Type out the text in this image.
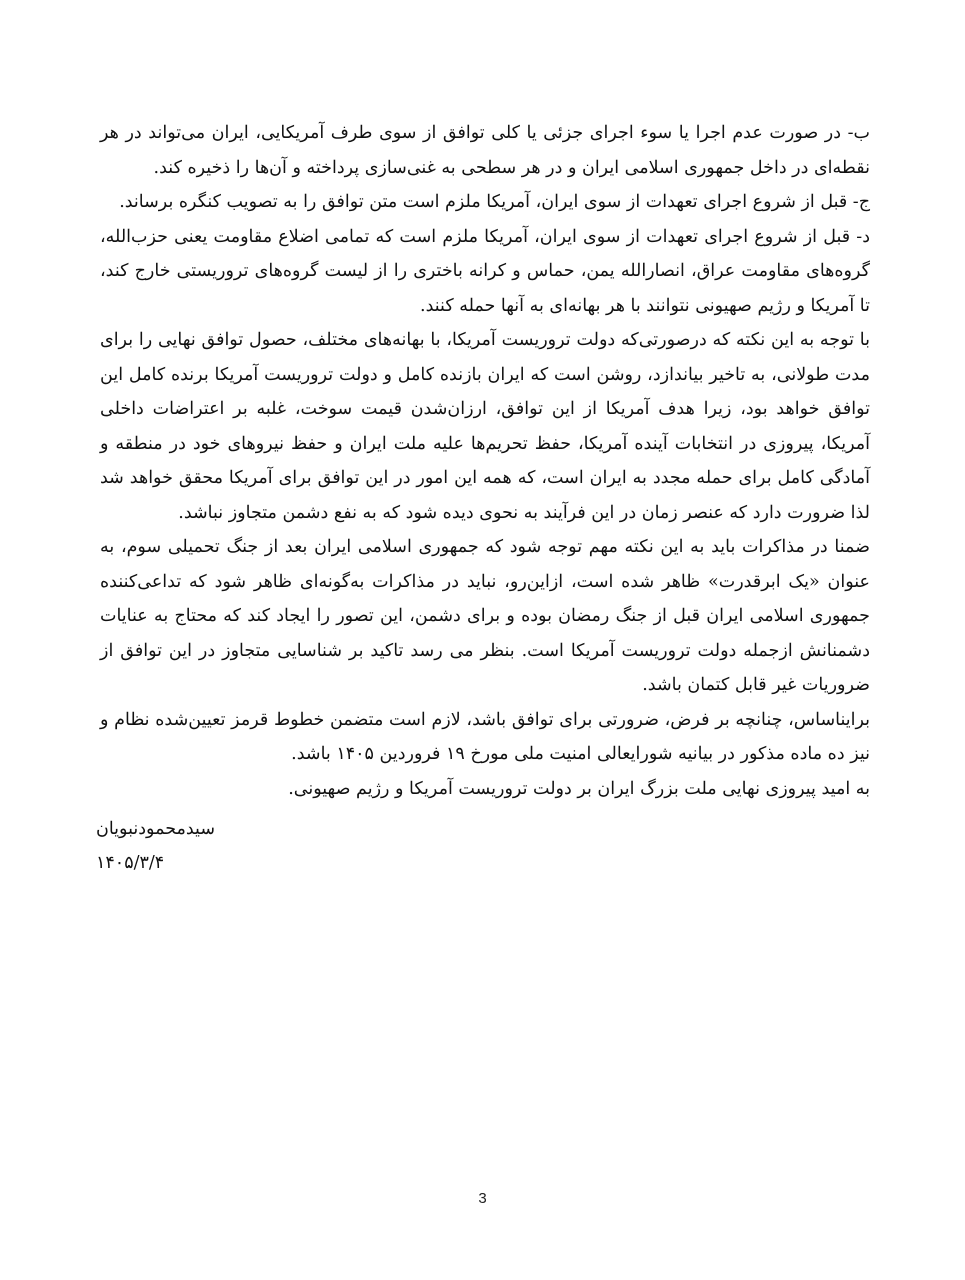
ب- در صورت عدم اجرا یا سوء اجرای جزئی یا کلی توافق از سوی طرف آمریکایی، ایران می‌تواند در هر نقطه‌ای در داخل جمهوری اسلامی ایران و در هر سطحی به غنی‌سازی پرداخته و آن‌ها را ذخیره کند.

ج- قبل از شروع اجرای تعهدات از سوی ایران، آمریکا ملزم است متن توافق را به تصویب کنگره برساند.

د- قبل از شروع اجرای تعهدات از سوی ایران، آمریکا ملزم است که تمامی اضلاع مقاومت یعنی حزب‌الله، گروه‌های مقاومت عراق، انصارالله یمن، حماس و کرانه باختری را از لیست گروه‌های تروریستی خارج کند، تا آمریکا و رژیم صهیونی نتوانند با هر بهانه‌ای به آنها حمله کنند.

با توجه به این نکته که درصورتی‌که دولت تروریست آمریکا، با بهانه‌های مختلف، حصول توافق نهایی را برای مدت طولانی، به تاخیر بیاندازد، روشن است که ایران بازنده کامل و دولت تروریست آمریکا برنده کامل این توافق خواهد بود، زیرا هدف آمریکا از این توافق، ارزان‌شدن قیمت سوخت، غلبه بر اعتراضات داخلی آمریکا، پیروزی در انتخابات آینده آمریکا، حفظ تحریم‌ها علیه ملت ایران و حفظ نیروهای خود در منطقه و آمادگی کامل برای حمله مجدد به ایران است، که همه این امور در این توافق برای آمریکا محقق خواهد شد لذا ضرورت دارد که عنصر زمان در این فرآیند به نحوی دیده شود که به نفع دشمن متجاوز نباشد.

ضمنا در مذاکرات باید به این نکته مهم توجه شود که جمهوری اسلامی ایران بعد از جنگ تحمیلی سوم، به عنوان «یک ابرقدرت» ظاهر شده است، ازاین‌رو، نباید در مذاکرات به‌گونه‌ای ظاهر شود که تداعی‌کننده جمهوری اسلامی ایران قبل از جنگ رمضان بوده و برای دشمن، این تصور را ایجاد کند که محتاج به عنایات دشمنانش ازجمله دولت تروریست آمریکا است. بنظر می رسد تاکید بر شناسایی متجاوز در این توافق از ضروریات غیر قابل کتمان باشد.

برایناساس، چنانچه بر فرض، ضرورتی برای توافق باشد، لازم است متضمن خطوط قرمز تعیین‌شده نظام و نیز ده ماده مذکور در بیانیه شورایعالی امنیت ملی مورخ ۱۹ فروردین ۱۴۰۵ باشد.

به امید پیروزی نهایی ملت بزرگ ایران بر دولت تروریست آمریکا و رژیم صهیونی.

سیدمحمودنبویان
۱۴۰۵/۳/۴
3
